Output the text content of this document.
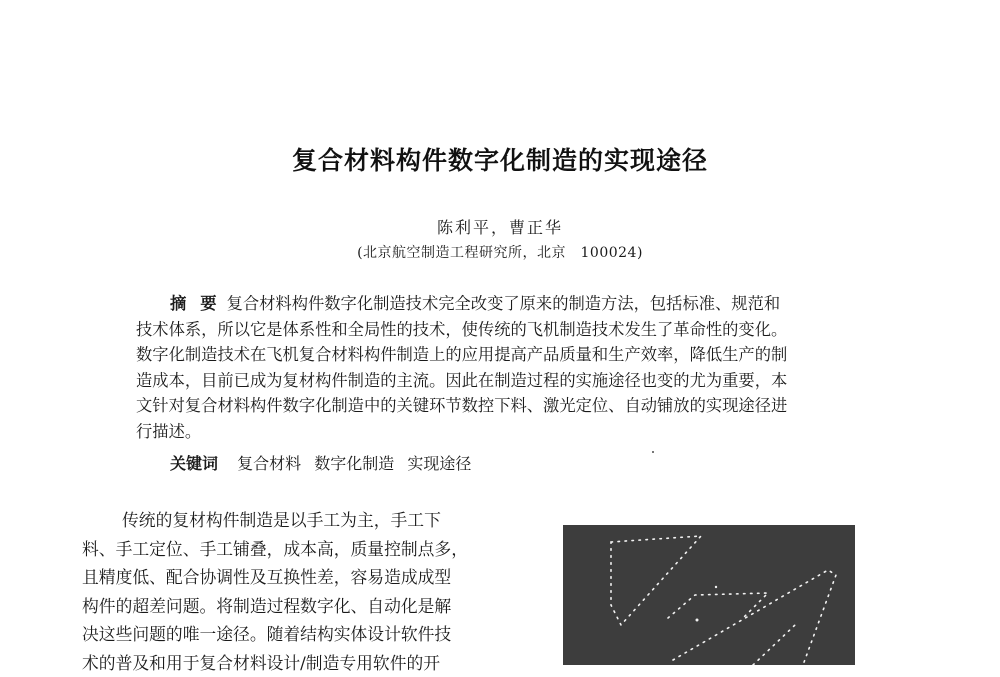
复合材料构件数字化制造的实现途径
陈利平，曹正华
(北京航空制造工程研究所，北京　100024)
摘要复合材料构件数字化制造技术完全改变了原来的制造方法，包括标准、规范和
技术体系，所以它是体系性和全局性的技术，使传统的飞机制造技术发生了革命性的变化。
数字化制造技术在飞机复合材料构件制造上的应用提高产品质量和生产效率，降低生产的制
造成本，目前已成为复材构件制造的主流。因此在制造过程的实施途径也变的尤为重要，本
文针对复合材料构件数字化制造中的关键环节数控下料、激光定位、自动铺放的实现途径进
行描述。
关键词 复合材料 数字化制造 实现途径
传统的复材构件制造是以手工为主，手工下
料、手工定位、手工铺叠，成本高，质量控制点多，
且精度低、配合协调性及互换性差，容易造成成型
构件的超差问题。将制造过程数字化、自动化是解
决这些问题的唯一途径。随着结构实体设计软件技
术的普及和用于复合材料设计/制造专用软件的开
